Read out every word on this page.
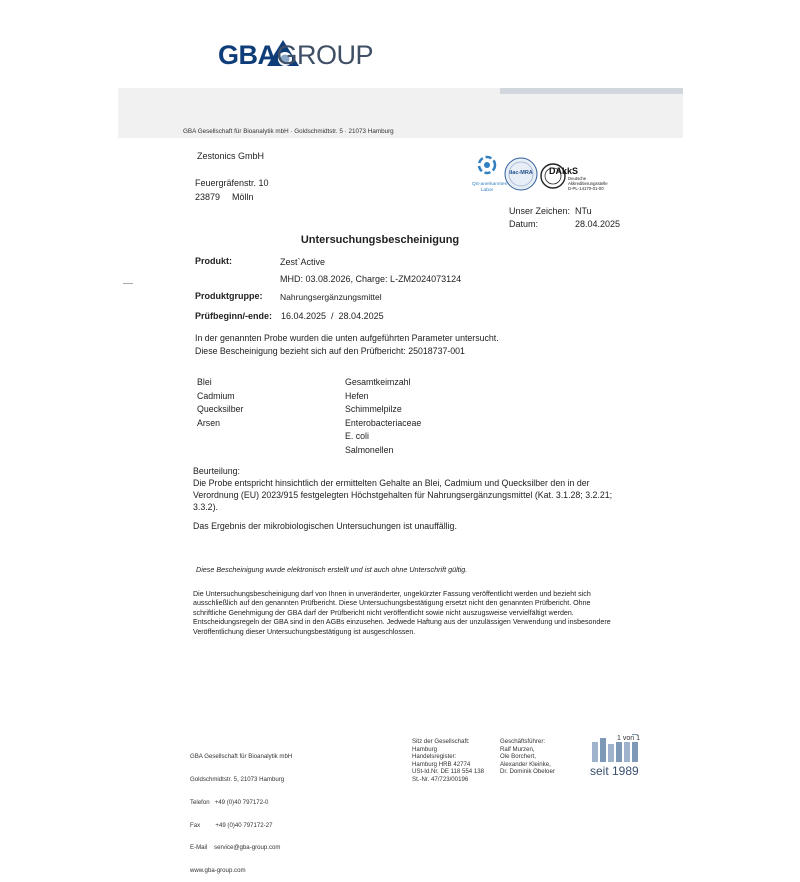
GBAGROUP
GBA Gesellschaft für Bioanalytik mbH · Goldschmidtstr. 5 · 21073 Hamburg
Zestonics GmbH
Feuergräfenstr. 10
23879 Mölln
QS-anerkanntes
Labor
ilac-MRA	DAkkS
Deutsche
Akkreditierungsstelle
D-PL-14170-01-00
Unser Zeichen: NTu
Datum:	28.04.2025
Untersuchungsbescheinigung
Produkt:	Zest`Active
MHD: 03.08.2026, Charge: L-ZM2024073124
Produktgruppe: Nahrungsergänzungsmittel
Prüfbeginn/-ende: 16.04.2025  /  28.04.2025
In der genannten Probe wurden die unten aufgeführten Parameter untersucht.
Diese Bescheinigung bezieht sich auf den Prüfbericht: 25018737-001
Blei
Cadmium
Quecksilber
Arsen
Gesamtkeimzahl
Hefen
Schimmelpilze
Enterobacteriaceae
E. coli
Salmonellen
Beurteilung:
Die Probe entspricht hinsichtlich der ermittelten Gehalte an Blei, Cadmium und Quecksilber den in der
Verordnung (EU) 2023/915 festgelegten Höchstgehalten für Nahrungsergänzungsmittel (Kat. 3.1.28; 3.2.21;
3.3.2).
Das Ergebnis der mikrobiologischen Untersuchungen ist unauffällig.
Diese Bescheinigung wurde elektronisch erstellt und ist auch ohne Unterschrift gültig.
Die Untersuchungsbescheinigung darf von Ihnen in unveränderter, ungekürzter Fassung veröffentlicht werden und bezieht sich
ausschließlich auf den genannten Prüfbericht. Diese Untersuchungsbestätigung ersetzt nicht den genannten Prüfbericht. Ohne
schriftliche Genehmigung der GBA darf der Prüfbericht nicht veröffentlicht sowie nicht auszugsweise vervielfältigt werden.
Entscheidungsregeln der GBA sind in den AGBs einzusehen. Jedwede Haftung aus der unzulässigen Verwendung und insbesondere
Veröffentlichung dieser Untersuchungsbestätigung ist ausgeschlossen.

GBA Gesellschaft für Bioanalytik mbH

Goldschmidtstr. 5, 21073 Hamburg

Telefon   +49 (0)40 797172-0

Fax         +49 (0)40 797172-27

E-Mail    service@gba-group.com

www.gba-group.com

Sitz der Gesellschaft:
Hamburg
Handelsregister:
Hamburg HRB 42774
USt-Id.Nr. DE 118 554 138
St.-Nr. 47/723/00196
Geschäftsführer:
Ralf Murzen,
Ole Borchert,
Alexander Kleinke,
Dr. Dominik Obeloer
1 von 1
seit 1989
